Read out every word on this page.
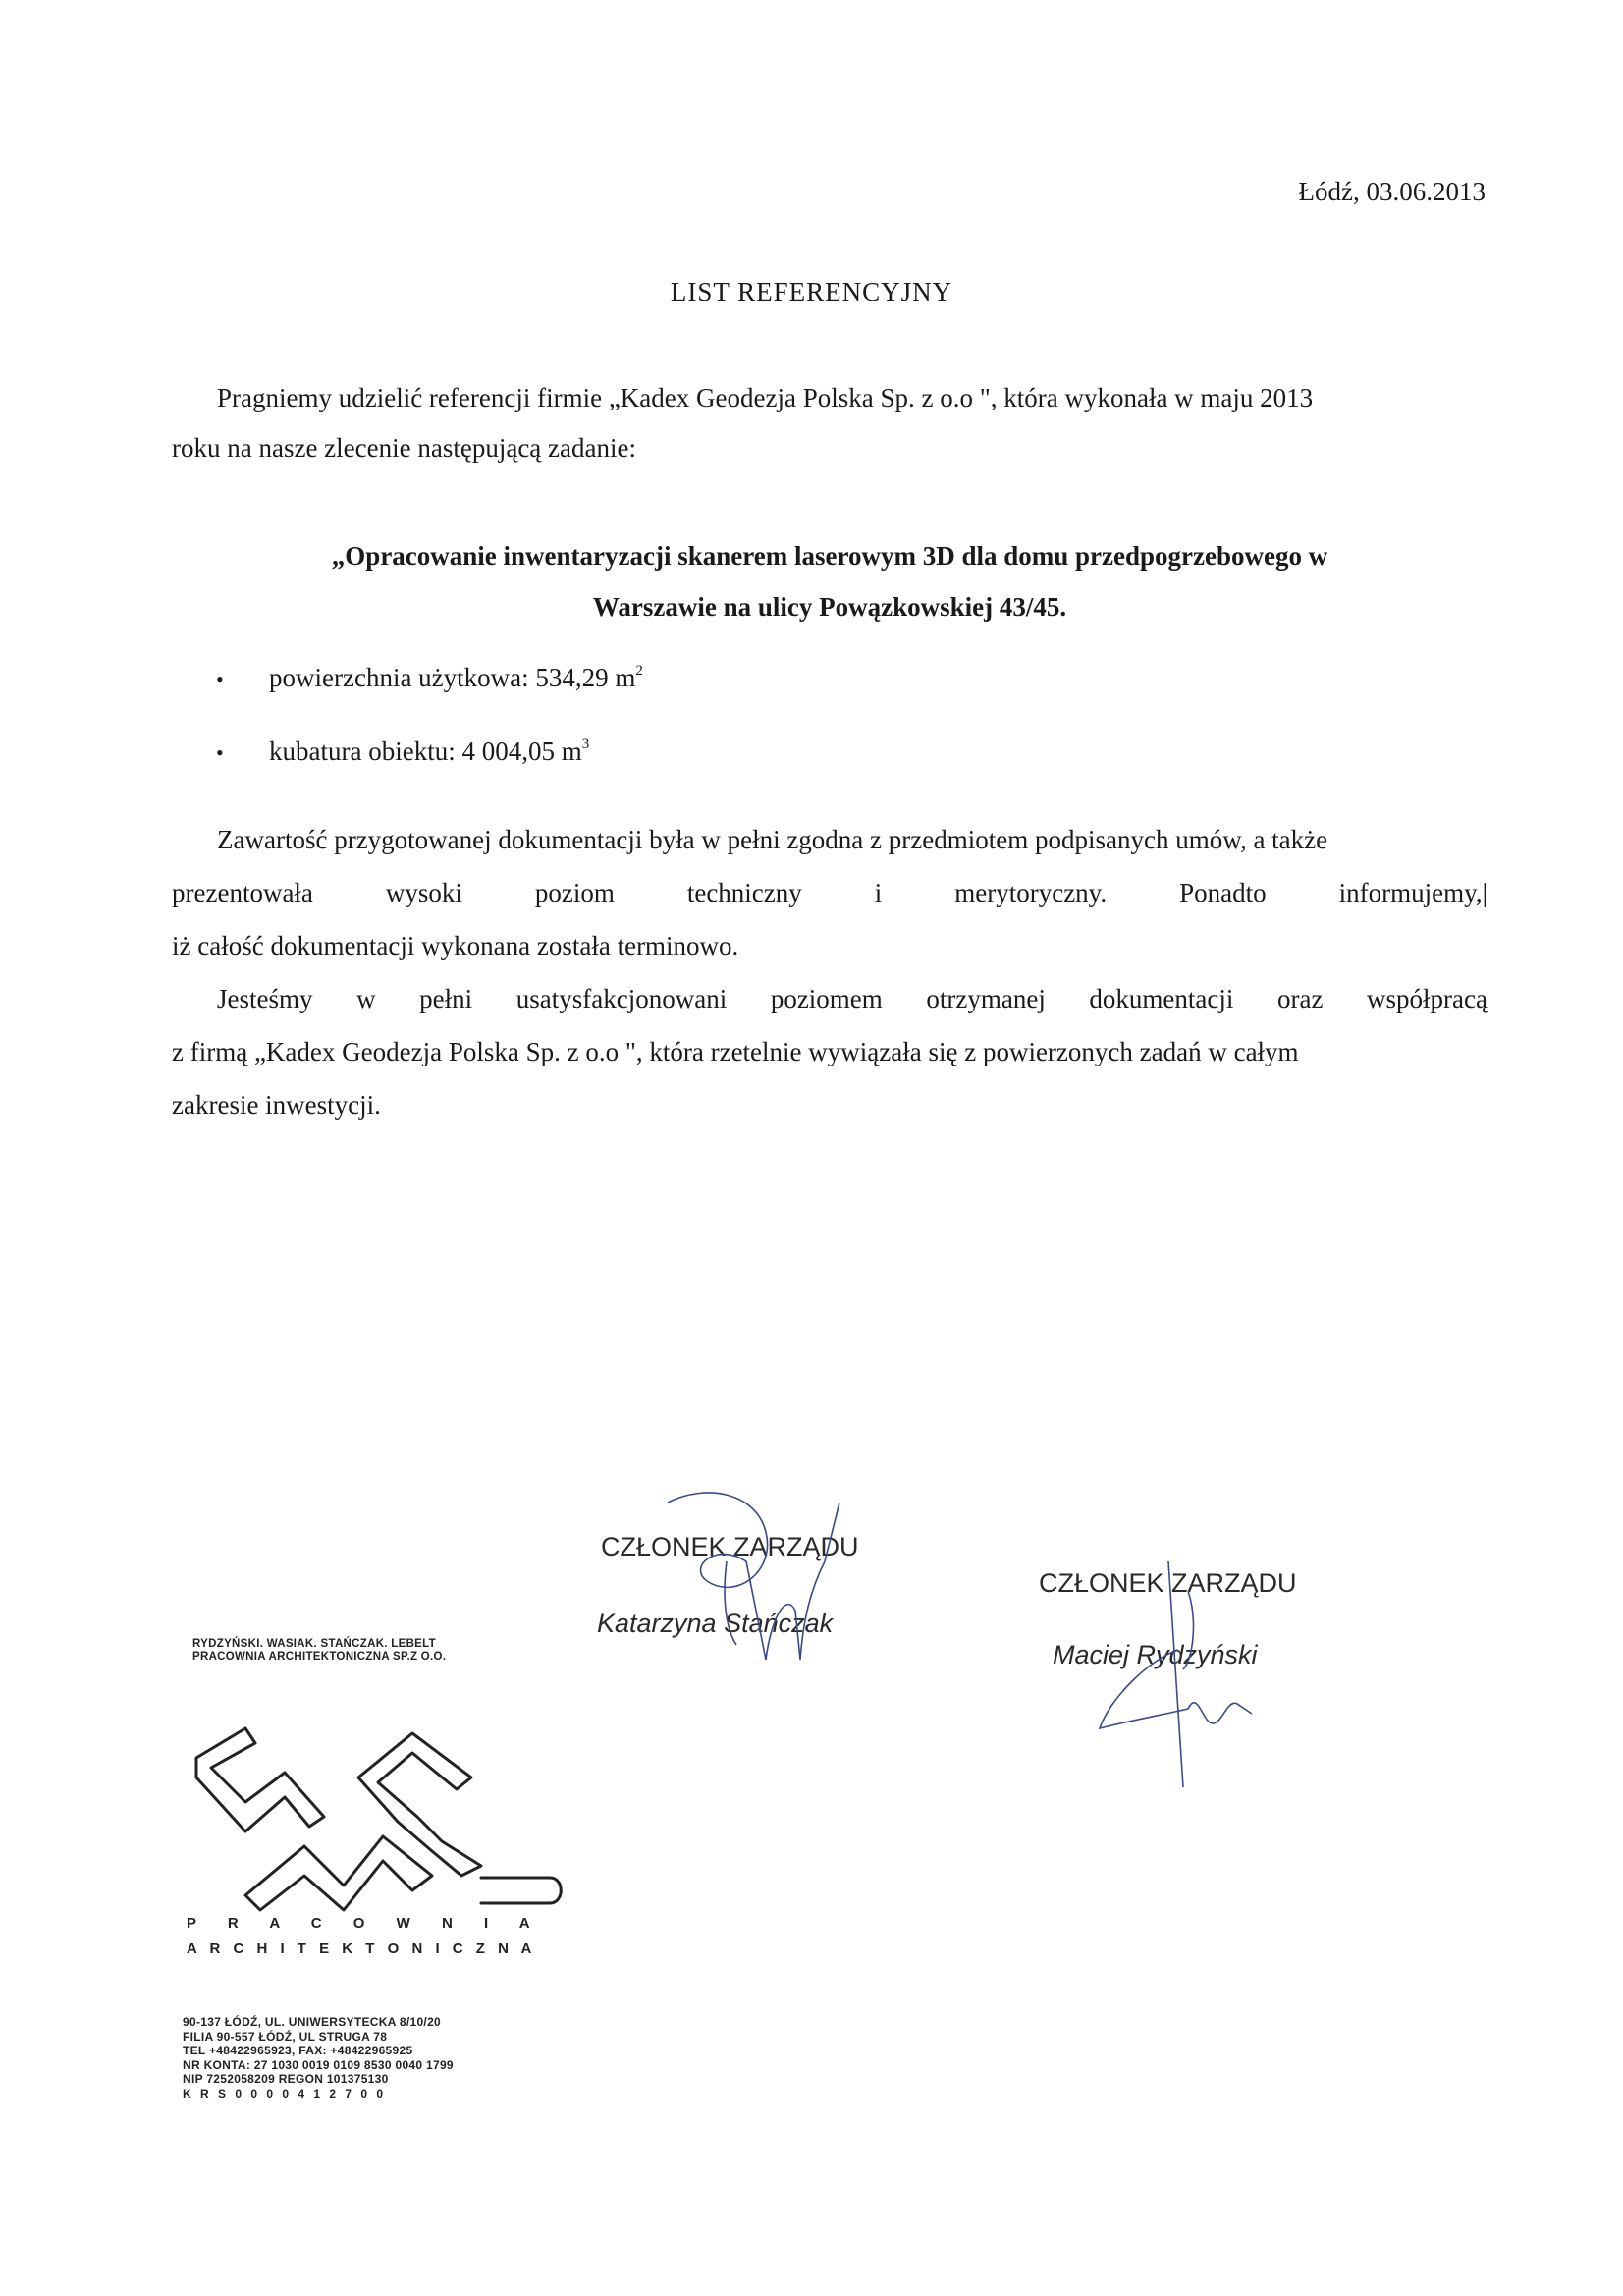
Łódź, 03.06.2013
LIST REFERENCYJNY
Pragniemy udzielić referencji firmie „Kadex Geodezja Polska Sp. z o.o ", która wykonała w maju 2013
roku na nasze zlecenie następującą zadanie:
„Opracowanie inwentaryzacji skanerem laserowym 3D dla domu przedpogrzebowego w
Warszawie na ulicy Powązkowskiej 43/45.
•	powierzchnia użytkowa: 534,29 $m^2$
•	kubatura obiektu: 4 004,05 $m^3$
Zawartość przygotowanej dokumentacji była w pełni zgodna z przedmiotem podpisanych umów, a także
prezentowała wysoki poziom techniczny i merytoryczny. Ponadto informujemy,|
iż całość dokumentacji wykonana została terminowo.
Jesteśmy w pełni usatysfakcjonowani poziomem otrzymanej dokumentacji oraz współpracą
z firmą „Kadex Geodezja Polska Sp. z o.o ", która rzetelnie wywiązała się z powierzonych zadań w całym
zakresie inwestycji.
CZŁONEK ZARZĄDU
Katarzyna Stańczak
CZŁONEK ZARZĄDU
Maciej Rydzyński
RYDZYŃSKI. WASIAK. STAŃCZAK. LEBELT
PRACOWNIA ARCHITEKTONICZNA SP.Z O.O.
P R A C O W N I A
A R C H I T E K T O N I C Z N A
90-137 ŁÓDŹ, UL. UNIWERSYTECKA 8/10/20
FILIA 90-557 ŁÓDŹ, UL STRUGA 78
TEL +48422965923, FAX: +48422965925
NR KONTA: 27 1030 0019 0109 8530 0040 1799
NIP 7252058209 REGON 101375130
K R S 0 0 0 0 4 1 2 7 0 0
